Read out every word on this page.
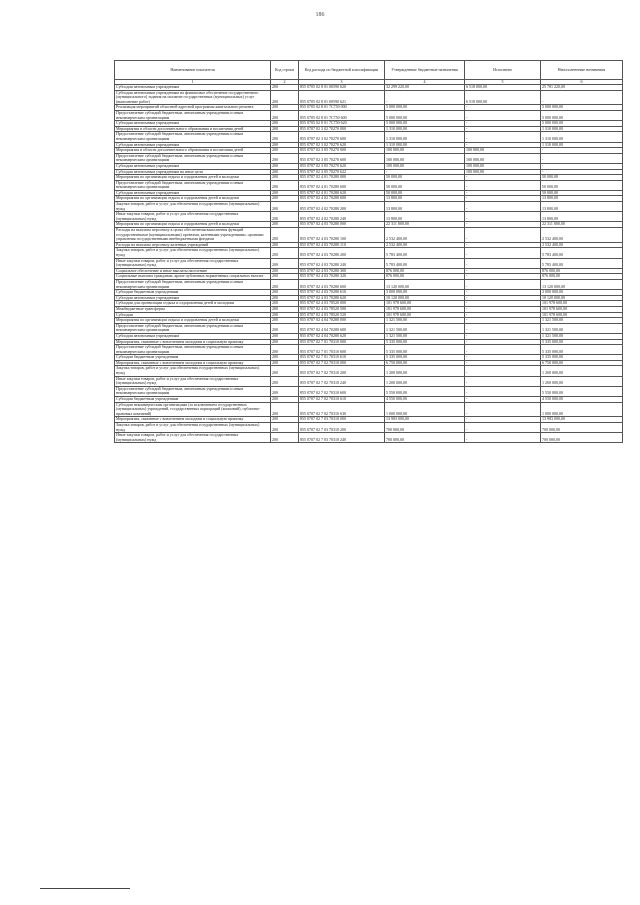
186
Наименование показателя	Код строки	Код расхода по бюджетной классификации	Утвержденные бюджетные назначения	Исполнено	Неисполненные назначения
1	2	3	4	5	6
Субсидии автономным учреждениям	200	855 0705 02 8 01 00590 620	32 299 220,00	6 518 000,00	25 781 220,00
Субсидии автономным учреждениям на финансовое обеспечение государственного (муниципального) задания на оказание государственных (муниципальных) услуг (выполнение работ)	200	855 0705 02 8 01 00590 621	-	6 518 000,00	-
Реализация мероприятий областной адресной программы капитального ремонта	200	855 0705 02 8 01 7С750 000	5 000 000,00	-	5 000 000,00
Предоставление субсидий бюджетным, автономным учреждениям и иным некоммерческим организациям	200	855 0705 02 8 01 7С750 600	5 000 000,00	-	5 000 000,00
Субсидии автономным учреждениям	200	855 0705 02 8 01 7С750 620	5 000 000,00	-	5 000 000,00
Мероприятия в области дополнительного образования и воспитания детей	200	855 0707 02 3 02 70270 000	1 310 000,00	-	1 310 000,00
Предоставление субсидий бюджетным, автономным учреждениям и иным некоммерческим организациям	200	855 0707 02 3 02 70270 600	1 310 000,00	-	1 310 000,00
Субсидии автономным учреждениям	200	855 0707 02 3 02 70270 620	1 310 000,00	-	1 310 000,00
Мероприятия в области дополнительного образования и воспитания детей	200	855 0707 02 3 05 70270 000	100 000,00	100 000,00	-
Предоставление субсидий бюджетным, автономным учреждениям и иным некоммерческим организациям	200	855 0707 02 3 05 70270 600	100 000,00	100 000,00	-
Субсидии автономным учреждениям	200	855 0707 02 3 05 70270 620	100 000,00	100 000,00	-
Субсидии автономным учреждениям на иные цели	200	855 0707 02 3 05 70270 622	-	100 000,00	-
Мероприятия по организации отдыха и оздоровления детей и молодежи	200	855 0707 02 4 01 70280 000	50 000,00	-	50 000,00
Предоставление субсидий бюджетным, автономным учреждениям и иным некоммерческим организациям	200	855 0707 02 4 01 70280 600	50 000,00	-	50 000,00
Субсидии автономным учреждениям	200	855 0707 02 4 01 70280 620	50 000,00	-	50 000,00
Мероприятия по организации отдыха и оздоровления детей и молодежи	200	855 0707 02 4 02 70280 000	13 800,00	-	13 800,00
Закупка товаров, работ и услуг для обеспечения государственных (муниципальных) нужд	200	855 0707 02 4 02 70280 200	13 800,00	-	13 800,00
Иные закупки товаров, работ и услуг для обеспечения государственных (муниципальных) нужд	200	855 0707 02 4 02 70280 240	13 800,00	-	13 800,00
Мероприятия по организации отдыха и оздоровления детей и молодежи	200	855 0707 02 4 03 70280 000	22 311 800,00	-	22 311 800,00
Расходы на выплаты персоналу в целях обеспечения выполнения функций государственными (муниципальными) органами, казенными учреждениями, органами управления государственными внебюджетными фондами	200	855 0707 02 4 03 70280 100	2 532 400,00	-	2 532 400,00
Расходы на выплаты персоналу казенных учреждений	200	855 0707 02 4 03 70280 110	2 532 400,00	-	2 532 400,00
Закупка товаров, работ и услуг для обеспечения государственных (муниципальных) нужд	200	855 0707 02 4 03 70280 200	5 783 400,00	-	5 783 400,00
Иные закупки товаров, работ и услуг для обеспечения государственных (муниципальных) нужд	200	855 0707 02 4 03 70280 240	5 783 400,00	-	5 783 400,00
Социальное обеспечение и иные выплаты населению	200	855 0707 02 4 03 70280 300	876 000,00	-	876 000,00
Социальные выплаты гражданам, кроме публичных нормативных социальных выплат	200	855 0707 02 4 03 70280 320	876 000,00	-	876 000,00
Предоставление субсидий бюджетным, автономным учреждениям и иным некоммерческим организациям	200	855 0707 02 4 03 70280 600	13 120 000,00	-	13 120 000,00
Субсидии бюджетным учреждениям	200	855 0707 02 4 03 70280 610	3 000 000,00	-	3 000 000,00
Субсидии автономным учреждениям	200	855 0707 02 4 03 70280 620	10 120 000,00	-	10 120 000,00
Субсидии для организации отдыха и оздоровления детей и молодежи	200	855 0707 02 4 03 78520 000	101 978 600,00	-	101 978 600,00
Межбюджетные трансферты	200	855 0707 02 4 03 78520 500	101 978 600,00	-	101 978 600,00
Субсидии	200	855 0707 02 4 03 78520 520	101 978 600,00	-	101 978 600,00
Мероприятия по организации отдыха и оздоровления детей и молодежи	200	855 0707 02 4 04 70280 000	1 321 500,00	-	1 321 500,00
Предоставление субсидий бюджетным, автономным учреждениям и иным некоммерческим организациям	200	855 0707 02 4 04 70280 600	1 321 500,00	-	1 321 500,00
Субсидии автономным учреждениям	200	855 0707 02 4 04 70280 620	1 321 500,00	-	1 321 500,00
Мероприятия, связанные с вовлечением молодежи в социальную практику	200	855 0707 02 7 01 70310 000	5 335 000,00	-	5 335 000,00
Предоставление субсидий бюджетным, автономным учреждениям и иным некоммерческим организациям	200	855 0707 02 7 01 70310 600	5 335 000,00	-	5 335 000,00
Субсидии бюджетным учреждениям	200	855 0707 02 7 01 70310 610	5 335 000,00	-	5 335 000,00
Мероприятия, связанные с вовлечением молодежи в социальную практику	200	855 0707 02 7 02 70310 000	6 750 000,00	-	6 750 000,00
Закупка товаров, работ и услуг для обеспечения государственных (муниципальных) нужд	200	855 0707 02 7 02 70310 200	1 200 000,00	-	1 200 000,00
Иные закупки товаров, работ и услуг для обеспечения государственных (муниципальных) нужд	200	855 0707 02 7 02 70310 240	1 200 000,00	-	1 200 000,00
Предоставление субсидий бюджетным, автономным учреждениям и иным некоммерческим организациям	200	855 0707 02 7 02 70310 600	5 550 000,00	-	5 550 000,00
Субсидии бюджетным учреждениям	200	855 0707 02 7 02 70310 610	4 550 000,00	-	4 550 000,00
Субсидии некоммерческим организациям (за исключением государственных (муниципальных) учреждений, государственных корпораций (компаний), публично-правовых компаний)	200	855 0707 02 7 02 70310 630	1 000 000,00	-	1 000 000,00
Мероприятия, связанные с вовлечением молодежи в социальную практику	200	855 0707 02 7 03 70310 000	13 983 000,00	-	13 983 000,00
Закупка товаров, работ и услуг для обеспечения государственных (муниципальных) нужд	200	855 0707 02 7 03 70310 200	700 000,00	-	700 000,00
Иные закупки товаров, работ и услуг для обеспечения государственных (муниципальных) нужд	200	855 0707 02 7 03 70310 240	700 000,00	-	700 000,00
